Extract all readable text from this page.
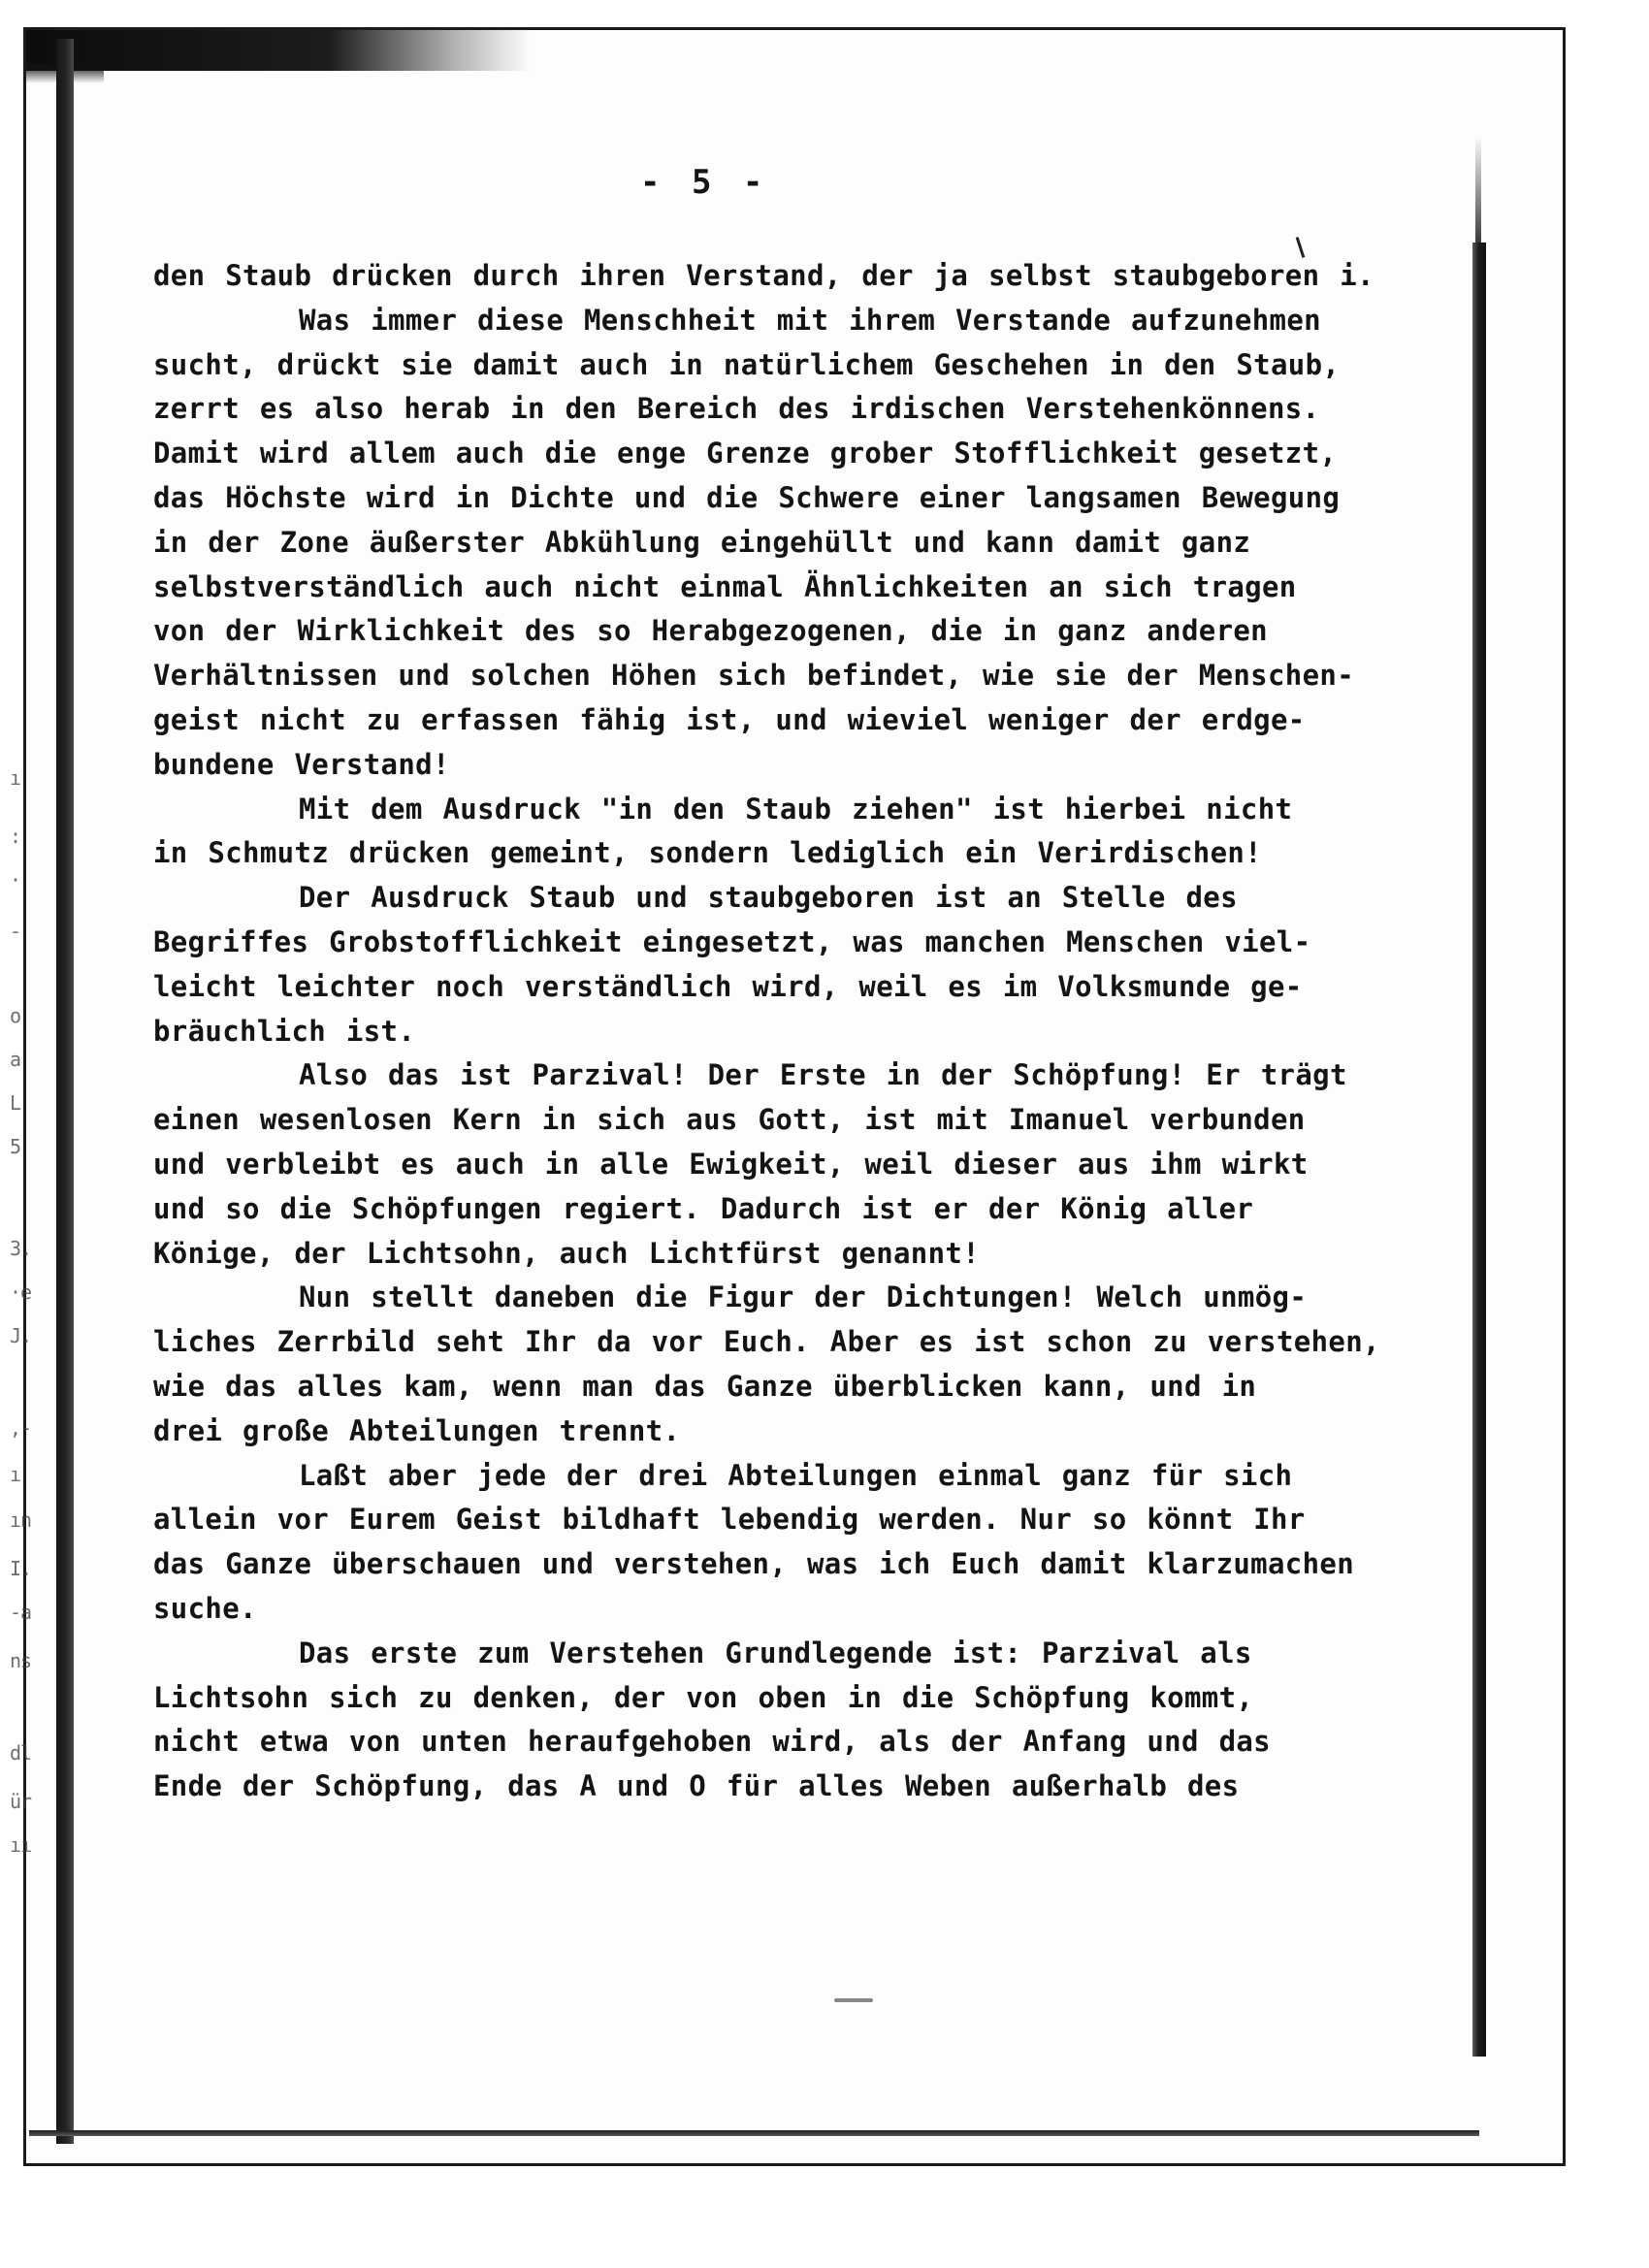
ı
:
·
-
ο
a
L
5
3.
·e
J.
,-
ı
ın
I.
-a
ns
dl
ür
ıı
- 5 -
den Staub drücken durch ihren Verstand, der ja selbst staubgeboren i.
Was immer diese Menschheit mit ihrem Verstande aufzunehmen
sucht, drückt sie damit auch in natürlichem Geschehen in den Staub,
zerrt es also herab in den Bereich des irdischen Verstehenkönnens.
Damit wird allem auch die enge Grenze grober Stofflichkeit gesetzt,
das Höchste wird in Dichte und die Schwere einer langsamen Bewegung
in der Zone äußerster Abkühlung eingehüllt und kann damit ganz
selbstverständlich auch nicht einmal Ähnlichkeiten an sich tragen
von der Wirklichkeit des so Herabgezogenen, die in ganz anderen
Verhältnissen und solchen Höhen sich befindet, wie sie der Menschen-
geist nicht zu erfassen fähig ist, und wieviel weniger der erdge-
bundene Verstand!
Mit dem Ausdruck "in den Staub ziehen" ist hierbei nicht
in Schmutz drücken gemeint, sondern lediglich ein Verirdischen!
Der Ausdruck Staub und staubgeboren ist an Stelle des
Begriffes Grobstofflichkeit eingesetzt, was manchen Menschen viel-
leicht leichter noch verständlich wird, weil es im Volksmunde ge-
bräuchlich ist.
Also das ist Parzival! Der Erste in der Schöpfung! Er trägt
einen wesenlosen Kern in sich aus Gott, ist mit Imanuel verbunden
und verbleibt es auch in alle Ewigkeit, weil dieser aus ihm wirkt
und so die Schöpfungen regiert. Dadurch ist er der König aller
Könige, der Lichtsohn, auch Lichtfürst genannt!
Nun stellt daneben die Figur der Dichtungen! Welch unmög-
liches Zerrbild seht Ihr da vor Euch. Aber es ist schon zu verstehen,
wie das alles kam, wenn man das Ganze überblicken kann, und in
drei große Abteilungen trennt.
Laßt aber jede der drei Abteilungen einmal ganz für sich
allein vor Eurem Geist bildhaft lebendig werden. Nur so könnt Ihr
das Ganze überschauen und verstehen, was ich Euch damit klarzumachen
suche.
Das erste zum Verstehen Grundlegende ist: Parzival als
Lichtsohn sich zu denken, der von oben in die Schöpfung kommt,
nicht etwa von unten heraufgehoben wird, als der Anfang und das
Ende der Schöpfung, das A und O für alles Weben außerhalb des
